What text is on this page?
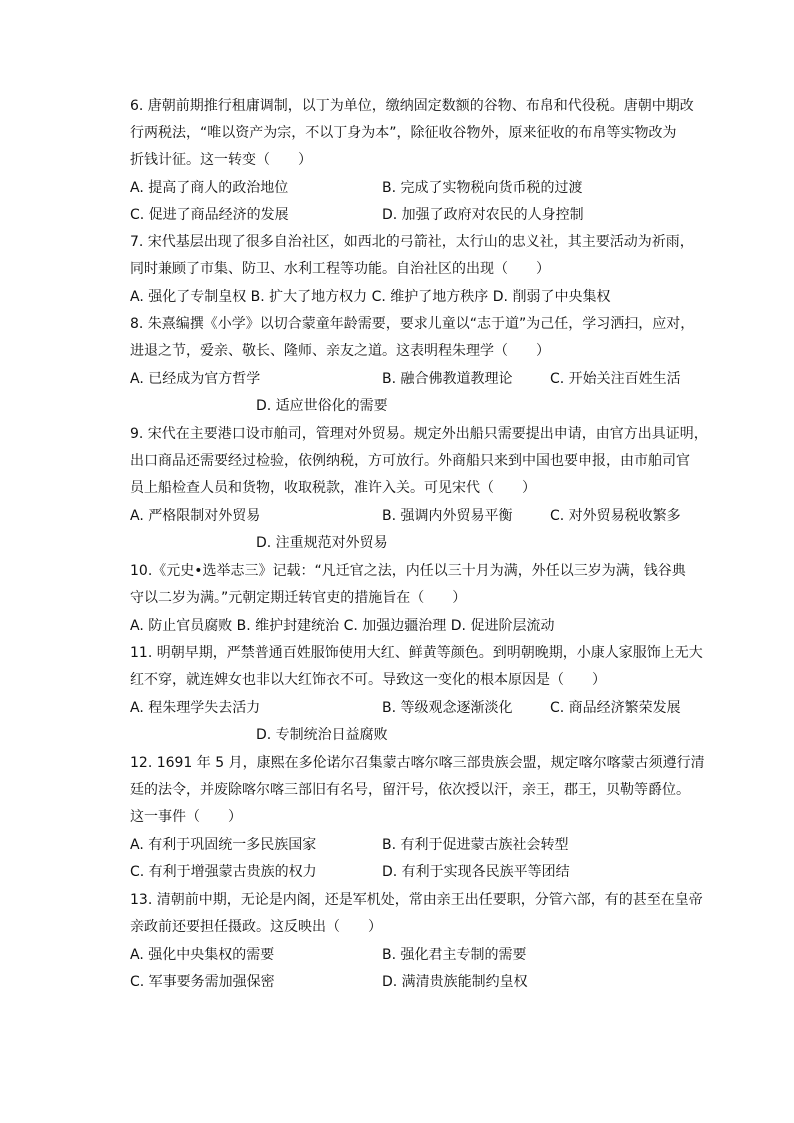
6. 唐朝前期推行租庸调制，以丁为单位，缴纳固定数额的谷物、布帛和代役税。唐朝中期改

行两税法，“唯以资产为宗，不以丁身为本”，除征收谷物外，原来征收的布帛等实物改为

折钱计征。这一转变（　　）

A. 提高了商人的政治地位	B. 完成了实物税向货币税的过渡

C. 促进了商品经济的发展	D. 加强了政府对农民的人身控制

7. 宋代基层出现了很多自治社区，如西北的弓箭社，太行山的忠义社，其主要活动为祈雨，

同时兼顾了市集、防卫、水利工程等功能。自治社区的出现（　　）

A. 强化了专制皇权 B. 扩大了地方权力 C. 维护了地方秩序 D. 削弱了中央集权

8. 朱熹编撰《小学》以切合蒙童年龄需要，要求儿童以“志于道”为己任，学习洒扫，应对，

进退之节，爱亲、敬长、隆师、亲友之道。这表明程朱理学（　　）

A. 已经成为官方哲学	B. 融合佛教道教理论	C. 开始关注百姓生活

D. 适应世俗化的需要

9. 宋代在主要港口设市舶司，管理对外贸易。规定外出船只需要提出申请，由官方出具证明，

出口商品还需要经过检验，依例纳税，方可放行。外商船只来到中国也要申报，由市舶司官

员上船检查人员和货物，收取税款，准许入关。可见宋代（　　）

A. 严格限制对外贸易	B. 强调内外贸易平衡	C. 对外贸易税收繁多

D. 注重规范对外贸易

10.《元史•选举志三》记载：“凡迁官之法，内任以三十月为满，外任以三岁为满，钱谷典

守以二岁为满。”元朝定期迁转官吏的措施旨在（　　）

A. 防止官员腐败 B. 维护封建统治 C. 加强边疆治理 D. 促进阶层流动

11. 明朝早期，严禁普通百姓服饰使用大红、鲜黄等颜色。到明朝晚期，小康人家服饰上无大

红不穿，就连婢女也非以大红饰衣不可。导致这一变化的根本原因是（　　）

A. 程朱理学失去活力	B. 等级观念逐渐淡化	C. 商品经济繁荣发展

D. 专制统治日益腐败

12. 1691 年 5 月，康熙在多伦诺尔召集蒙古喀尔喀三部贵族会盟，规定喀尔喀蒙古须遵行清

廷的法令，并废除喀尔喀三部旧有名号，留汗号，依次授以汗，亲王，郡王，贝勒等爵位。

这一事件（　　）

A. 有利于巩固统一多民族国家	B. 有利于促进蒙古族社会转型

C. 有利于增强蒙古贵族的权力	D. 有利于实现各民族平等团结

13. 清朝前中期，无论是内阁，还是军机处，常由亲王出任要职，分管六部，有的甚至在皇帝

亲政前还要担任摄政。这反映出（　　）

A. 强化中央集权的需要	B. 强化君主专制的需要

C. 军事要务需加强保密	D. 满清贵族能制约皇权
